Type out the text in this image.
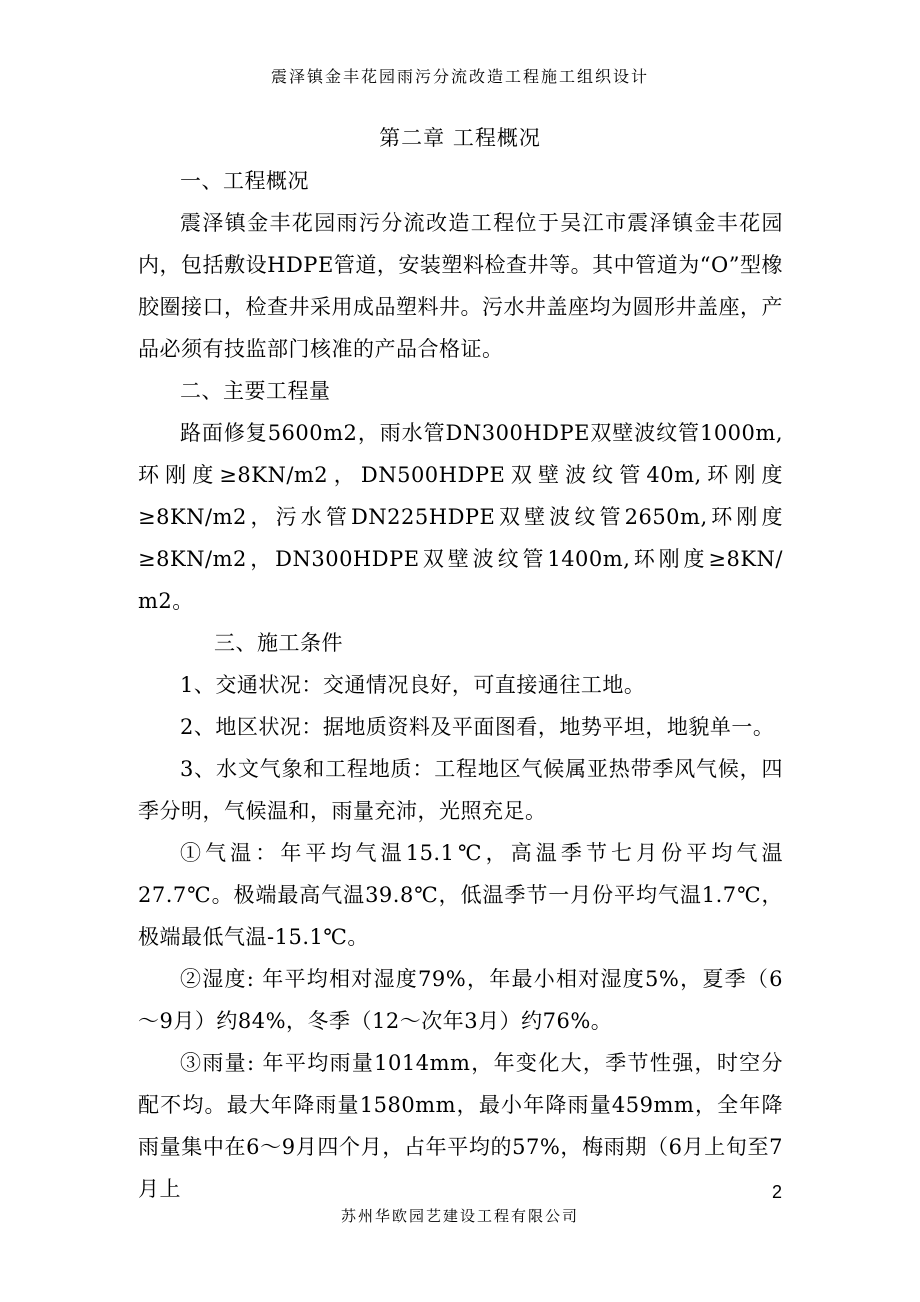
震泽镇金丰花园雨污分流改造工程施工组织设计
第二章 工程概况

一、工程概况

震泽镇金丰花园雨污分流改造工程位于吴江市震泽镇金丰花园内，包括敷设HDPE管道，安装塑料检查井等。其中管道为“O”型橡胶圈接口，检查井采用成品塑料井。污水井盖座均为圆形井盖座，产品必须有技监部门核准的产品合格证。

二、主要工程量

路面修复5600m2，雨水管DN300HDPE双壁波纹管1000m,环刚度≥8KN/m2，DN500HDPE双壁波纹管40m,环刚度≥8KN/m2，污水管DN225HDPE双壁波纹管2650m,环刚度≥8KN/m2，DN300HDPE双壁波纹管1400m,环刚度≥8KN/ m2。

三、施工条件

1、交通状况：交通情况良好，可直接通往工地。

2、地区状况：据地质资料及平面图看，地势平坦，地貌单一。

3、水文气象和工程地质：工程地区气候属亚热带季风气候，四季分明，气候温和，雨量充沛，光照充足。

①气温：年平均气温15.1℃，高温季节七月份平均气温27.7℃。极端最高气温39.8℃，低温季节一月份平均气温1.7℃，极端最低气温-15.1℃。

②湿度: 年平均相对湿度79%，年最小相对湿度5%，夏季（6～9月）约84%，冬季（12～次年3月）约76%。

③雨量: 年平均雨量1014mm，年变化大，季节性强，时空分配不均。最大年降雨量1580mm，最小年降雨量459mm，全年降雨量集中在6～9月四个月，占年平均的57%，梅雨期（6月上旬至7月上	2
苏州华欧园艺建设工程有限公司
